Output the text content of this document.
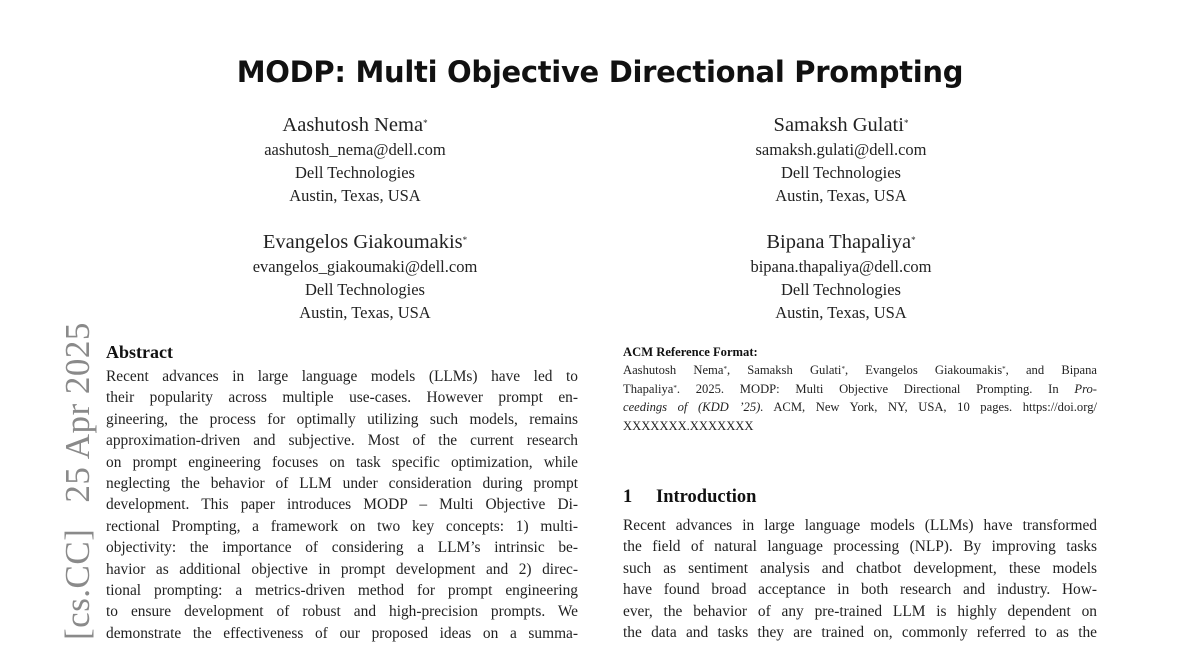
MODP: Multi Objective Directional Prompting
Aashutosh Nema*
aashutosh_nema@dell.com
Dell Technologies
Austin, Texas, USA
Samaksh Gulati*
samaksh.gulati@dell.com
Dell Technologies
Austin, Texas, USA
Evangelos Giakoumakis*
evangelos_giakoumaki@dell.com
Dell Technologies
Austin, Texas, USA
Bipana Thapaliya*
bipana.thapaliya@dell.com
Dell Technologies
Austin, Texas, USA
[cs.CC]25 Apr 2025 Abstract

Recent advances in large language models (LLMs) have led to
their popularity across multiple use-cases. However prompt en-
gineering, the process for optimally utilizing such models, remains
approximation-driven and subjective. Most of the current research
on prompt engineering focuses on task specific optimization, while
neglecting the behavior of LLM under consideration during prompt
development. This paper introduces MODP – Multi Objective Di-
rectional Prompting, a framework on two key concepts: 1) multi-
objectivity: the importance of considering a LLM’s intrinsic be-
havior as additional objective in prompt development and 2) direc-
tional prompting: a metrics-driven method for prompt engineering
to ensure development of robust and high-precision prompts. We
demonstrate the effectiveness of our proposed ideas on a summa-

ACM Reference Format:

Aashutosh Nema*, Samaksh Gulati*, Evangelos Giakoumakis*, and Bipana
Thapaliya*. 2025. MODP: Multi Objective Directional Prompting. In Pro-
ceedings of (KDD ’25). ACM, New York, NY, USA, 10 pages. https://doi.org/
XXXXXXX.XXXXXXX

1 Introduction

Recent advances in large language models (LLMs) have transformed
the field of natural language processing (NLP). By improving tasks
such as sentiment analysis and chatbot development, these models
have found broad acceptance in both research and industry. How-
ever, the behavior of any pre-trained LLM is highly dependent on
the data and tasks they are trained on, commonly referred to as the
